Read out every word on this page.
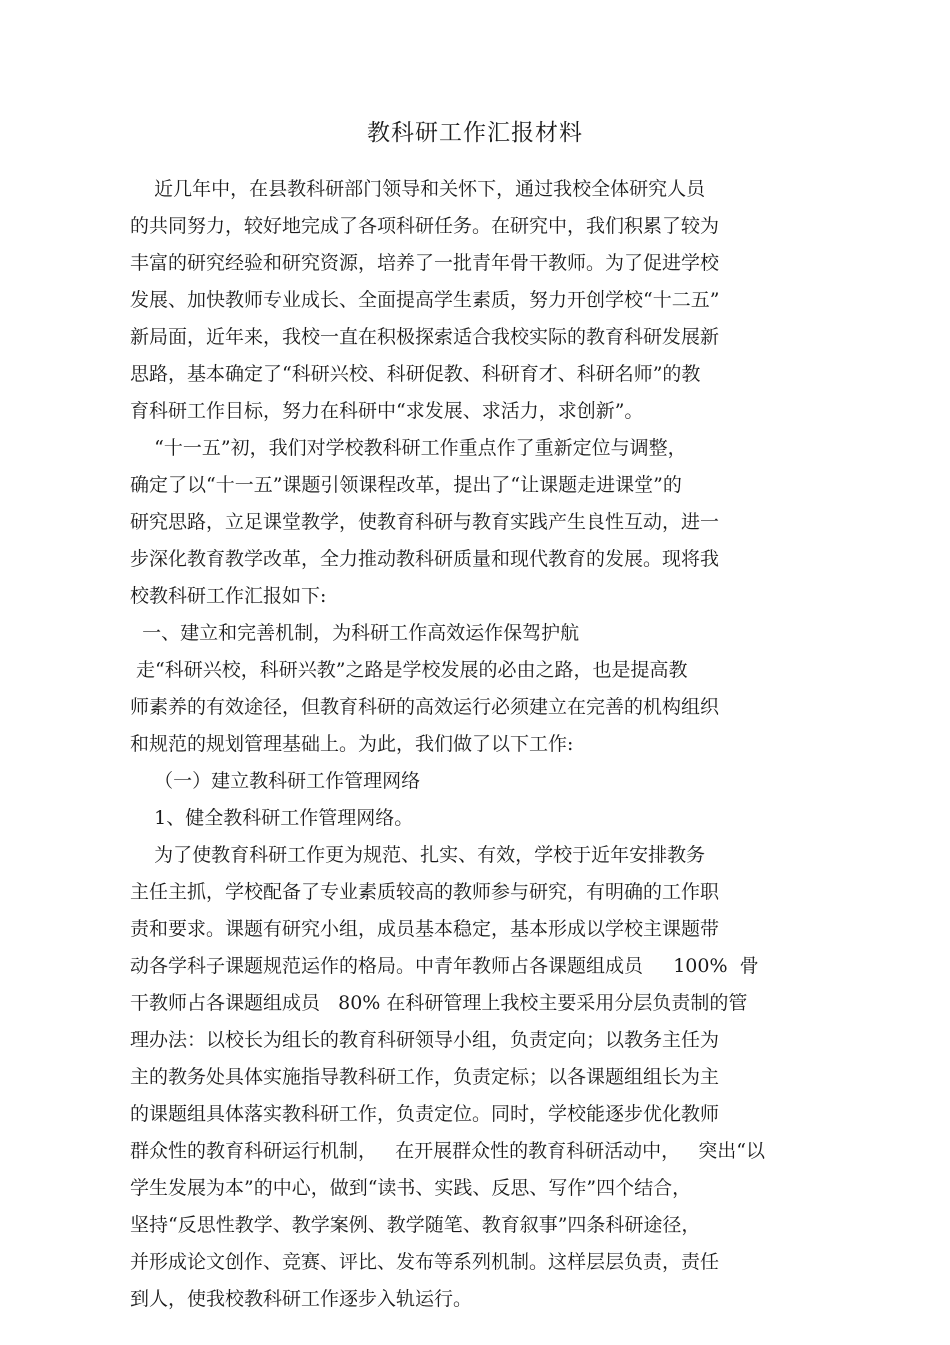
教科研工作汇报材料
近几年中，在县教科研部门领导和关怀下，通过我校全体研究人员
的共同努力，较好地完成了各项科研任务。在研究中，我们积累了较为
丰富的研究经验和研究资源，培养了一批青年骨干教师。为了促进学校
发展、加快教师专业成长、全面提高学生素质，努力开创学校“十二五”
新局面，近年来，我校一直在积极探索适合我校实际的教育科研发展新
思路，基本确定了“科研兴校、科研促教、科研育才、科研名师”的教
育科研工作目标，努力在科研中“求发展、求活力，求创新”。
“十一五”初，我们对学校教科研工作重点作了重新定位与调整，
确定了以“十一五”课题引领课程改革，提出了“让课题走进课堂”的
研究思路，立足课堂教学，使教育科研与教育实践产生良性互动，进一
步深化教育教学改革，全力推动教科研质量和现代教育的发展。现将我
校教科研工作汇报如下:
一、建立和完善机制，为科研工作高效运作保驾护航
走“科研兴校，科研兴教”之路是学校发展的必由之路，也是提高教
师素养的有效途径，但教育科研的高效运行必须建立在完善的机构组织
和规范的规划管理基础上。为此，我们做了以下工作:
（一）建立教科研工作管理网络
1、健全教科研工作管理网络。
为了使教育科研工作更为规范、扎实、有效，学校于近年安排教务
主任主抓，学校配备了专业素质较高的教师参与研究，有明确的工作职
责和要求。课题有研究小组，成员基本稳定，基本形成以学校主课题带
动各学科子课题规范运作的格局。中青年教师占各课题组成员     100%  骨
干教师占各课题组成员   80% 在科研管理上我校主要采用分层负责制的管
理办法：以校长为组长的教育科研领导小组，负责定向；以教务主任为
主的教务处具体实施指导教科研工作，负责定标；以各课题组组长为主
的课题组具体落实教科研工作，负责定位。同时，学校能逐步优化教师
群众性的教育科研运行机制，   在开展群众性的教育科研活动中，   突出“以
学生发展为本”的中心，做到“读书、实践、反思、写作”四个结合，
坚持“反思性教学、教学案例、教学随笔、教育叙事”四条科研途径，
并形成论文创作、竞赛、评比、发布等系列机制。这样层层负责，责任
到人，使我校教科研工作逐步入轨运行。
